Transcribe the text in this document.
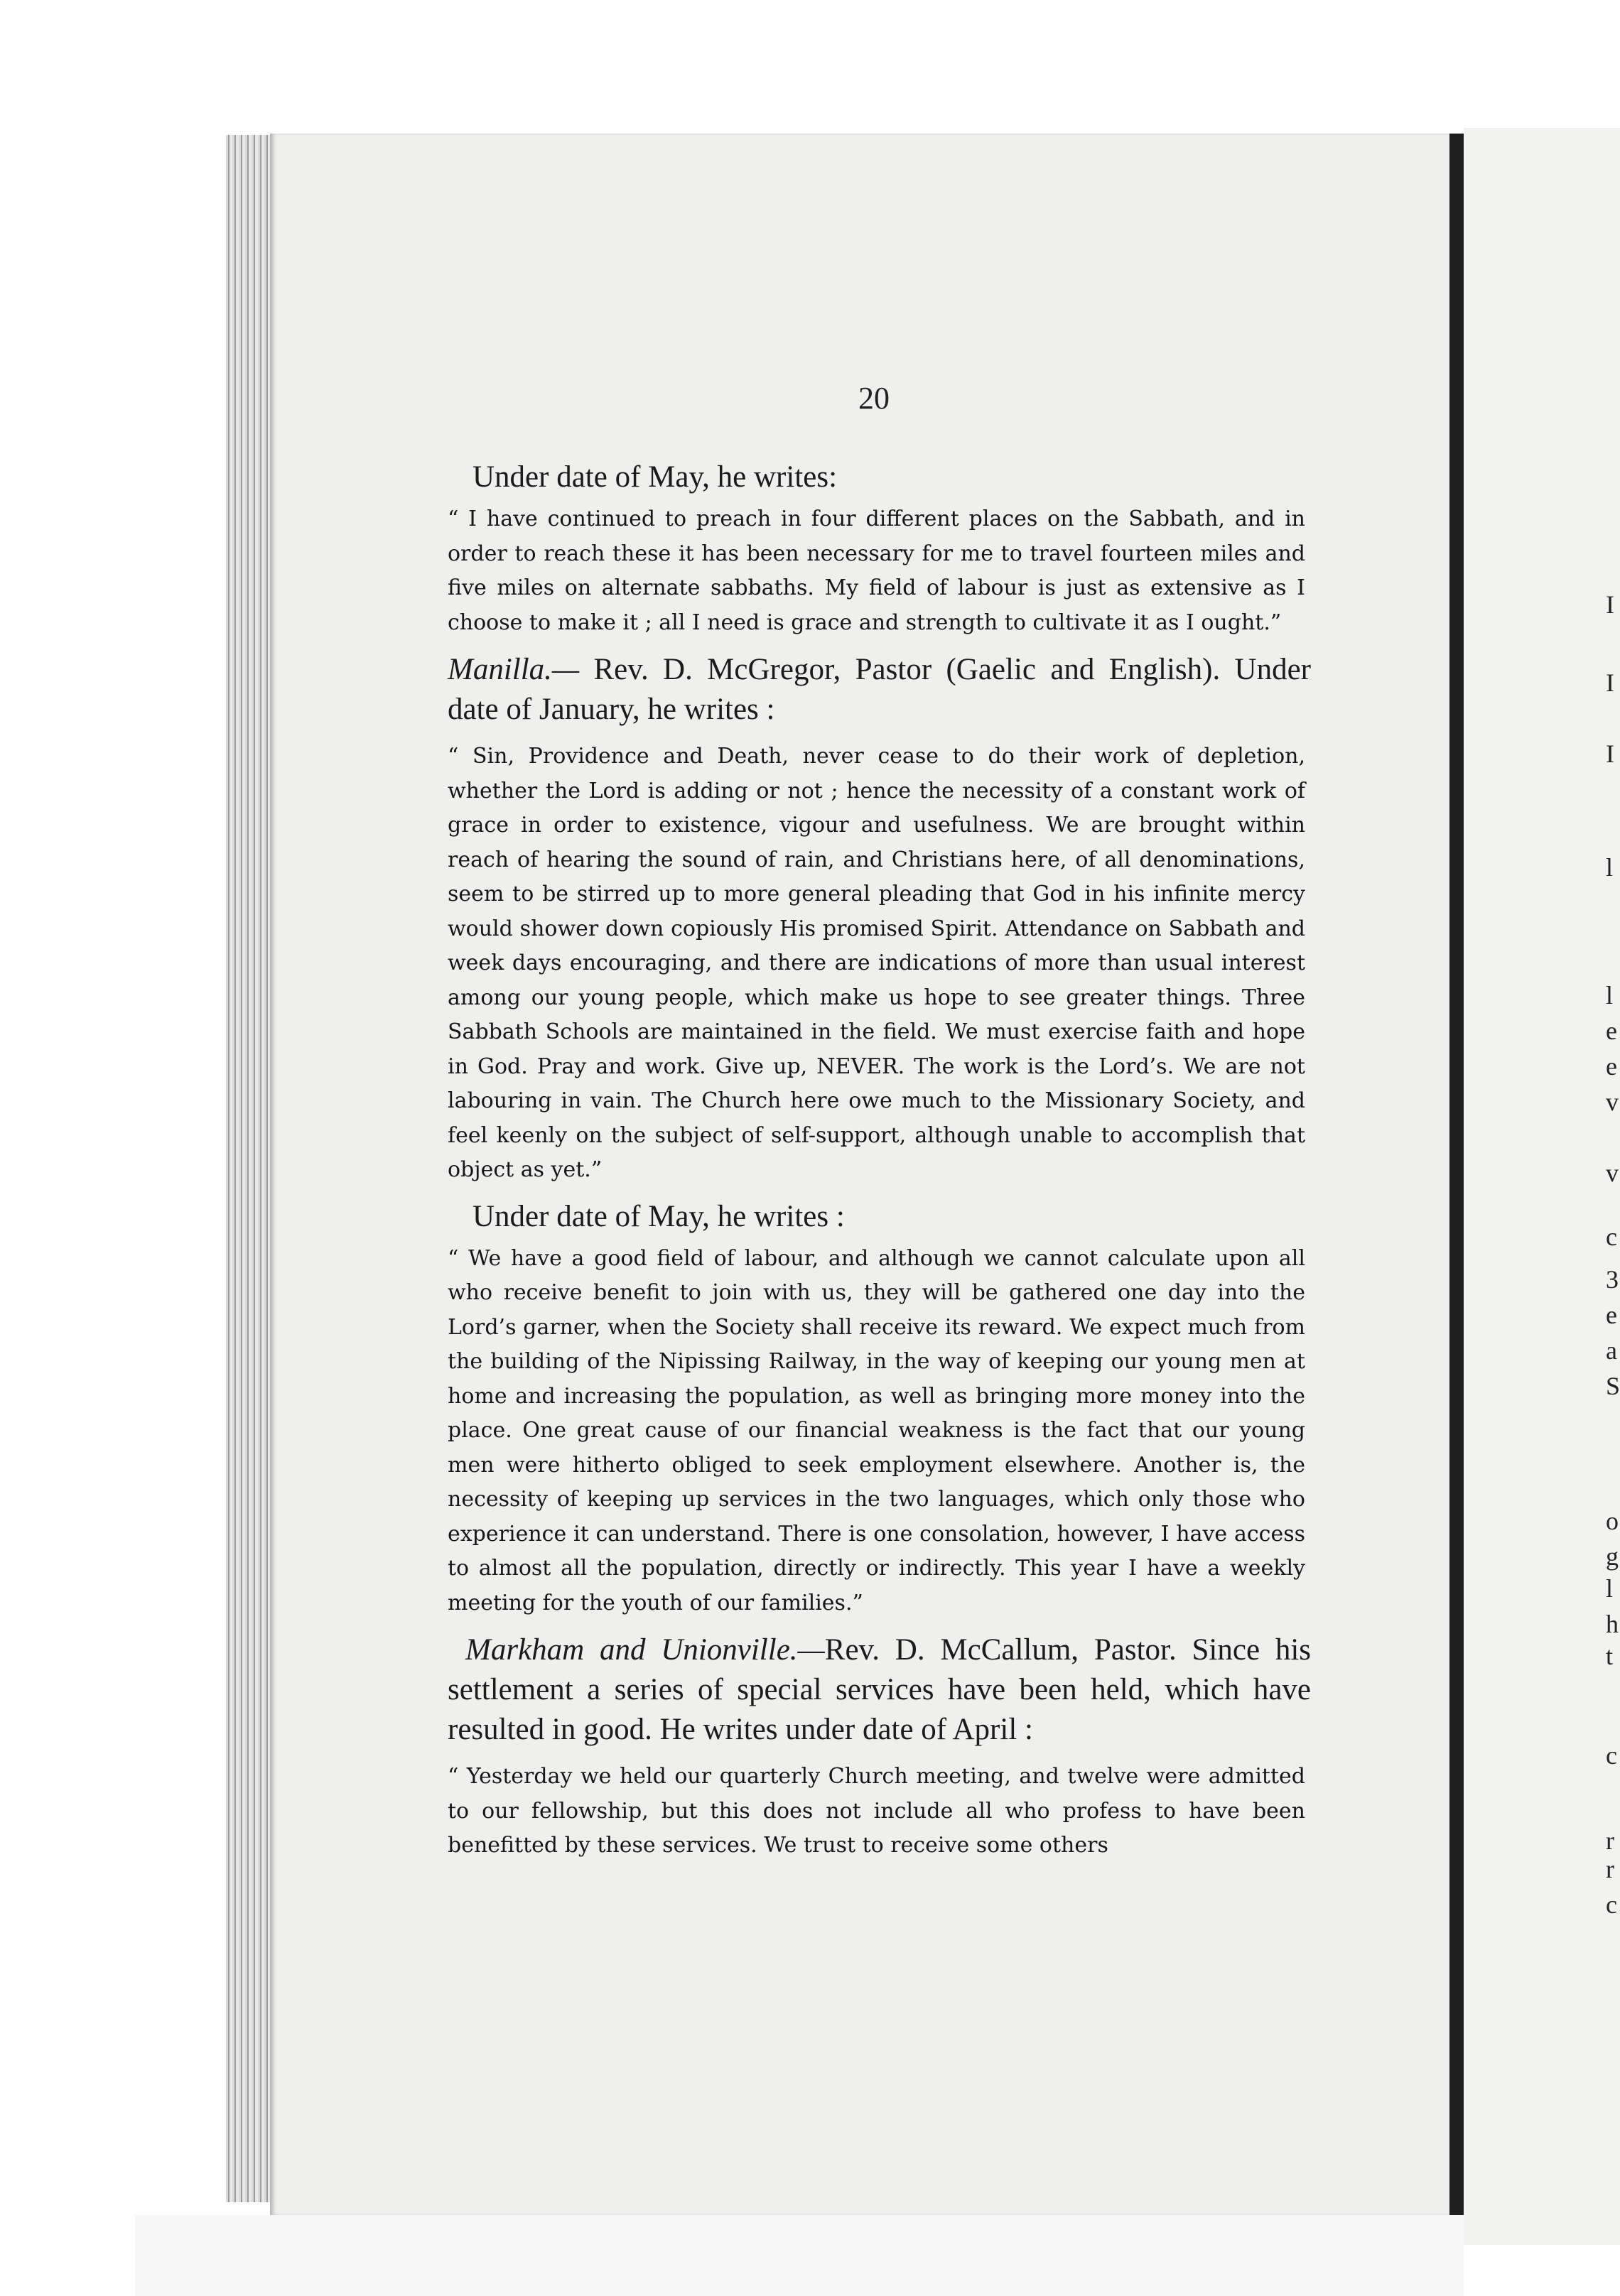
I
I
I
l
l
e
e
v
v
c
3
e
a
S
o
g
l
h
t
c
r
r
c
20
Under date of May, he writes:
“ I have continued to preach in four different places on the Sabbath, and in order to reach these it has been necessary for me to travel fourteen miles and five miles on alternate sabbaths. My field of labour is just as extensive as I choose to make it ; all I need is grace and strength to cultivate it as I ought.”
Manilla.— Rev. D. McGregor, Pastor (Gaelic and English). Under date of January, he writes :
“ Sin, Providence and Death, never cease to do their work of depletion, whether the Lord is adding or not ; hence the necessity of a constant work of grace in order to existence, vigour and usefulness. We are brought within reach of hearing the sound of rain, and Christians here, of all denominations, seem to be stirred up to more general pleading that God in his infinite mercy would shower down copiously His promised Spirit. Attendance on Sabbath and week days encouraging, and there are indications of more than usual interest among our young people, which make us hope to see greater things. Three Sabbath Schools are maintained in the field. We must exercise faith and hope in God. Pray and work. Give up, NEVER. The work is the Lord’s. We are not labouring in vain. The Church here owe much to the Missionary Society, and feel keenly on the subject of self-support, although unable to accomplish that object as yet.”
Under date of May, he writes :
“ We have a good field of labour, and although we cannot calculate upon all who receive benefit to join with us, they will be gathered one day into the Lord’s garner, when the Society shall receive its reward. We expect much from the building of the Nipissing Railway, in the way of keeping our young men at home and increasing the population, as well as bringing more money into the place. One great cause of our financial weakness is the fact that our young men were hitherto obliged to seek employment elsewhere. Another is, the necessity of keeping up services in the two languages, which only those who experience it can understand. There is one consolation, however, I have access to almost all the population, directly or indirectly. This year I have a weekly meeting for the youth of our families.”
Markham and Unionville.—Rev. D. McCallum, Pastor. Since his settlement a series of special services have been held, which have resulted in good. He writes under date of April :
“ Yesterday we held our quarterly Church meeting, and twelve were admitted to our fellowship, but this does not include all who profess to have been benefitted by these services. We trust to receive some others
